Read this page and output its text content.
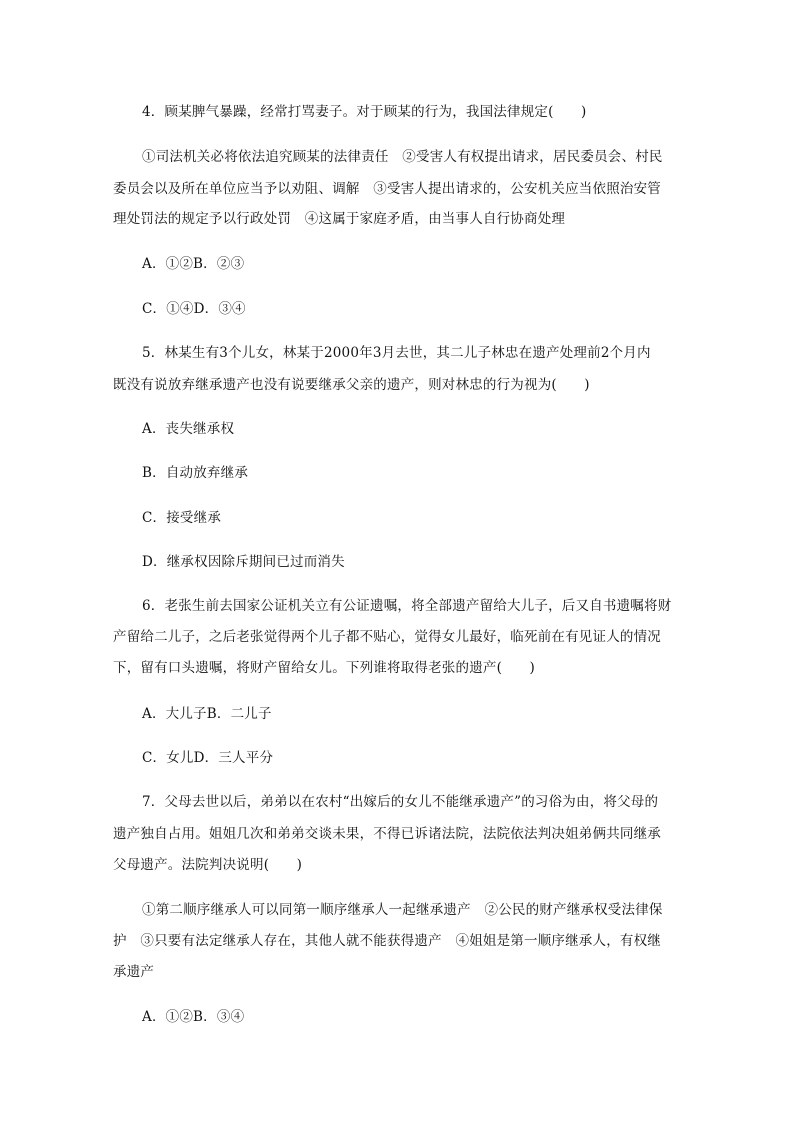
4．顾某脾气暴躁，经常打骂妻子。对于顾某的行为，我国法律规定(　　)
①司法机关必将依法追究顾某的法律责任　②受害人有权提出请求，居民委员会、村民
委员会以及所在单位应当予以劝阻、调解　③受害人提出请求的，公安机关应当依照治安管
理处罚法的规定予以行政处罚　④这属于家庭矛盾，由当事人自行协商处理
A．①②B．②③
C．①④D．③④
5．林某生有3个儿女，林某于2000年3月去世，其二儿子林忠在遗产处理前2个月内
既没有说放弃继承遗产也没有说要继承父亲的遗产，则对林忠的行为视为(　　)
A．丧失继承权
B．自动放弃继承
C．接受继承
D．继承权因除斥期间已过而消失
6．老张生前去国家公证机关立有公证遗嘱，将全部遗产留给大儿子，后又自书遗嘱将财
产留给二儿子，之后老张觉得两个儿子都不贴心，觉得女儿最好，临死前在有见证人的情况
下，留有口头遗嘱，将财产留给女儿。下列谁将取得老张的遗产(　　)
A．大儿子B．二儿子
C．女儿D．三人平分
7．父母去世以后，弟弟以在农村“出嫁后的女儿不能继承遗产”的习俗为由，将父母的
遗产独自占用。姐姐几次和弟弟交谈未果，不得已诉诸法院，法院依法判决姐弟俩共同继承
父母遗产。法院判决说明(　　)
①第二顺序继承人可以同第一顺序继承人一起继承遗产　②公民的财产继承权受法律保
护　③只要有法定继承人存在，其他人就不能获得遗产　④姐姐是第一顺序继承人，有权继
承遗产
A．①②B．③④
